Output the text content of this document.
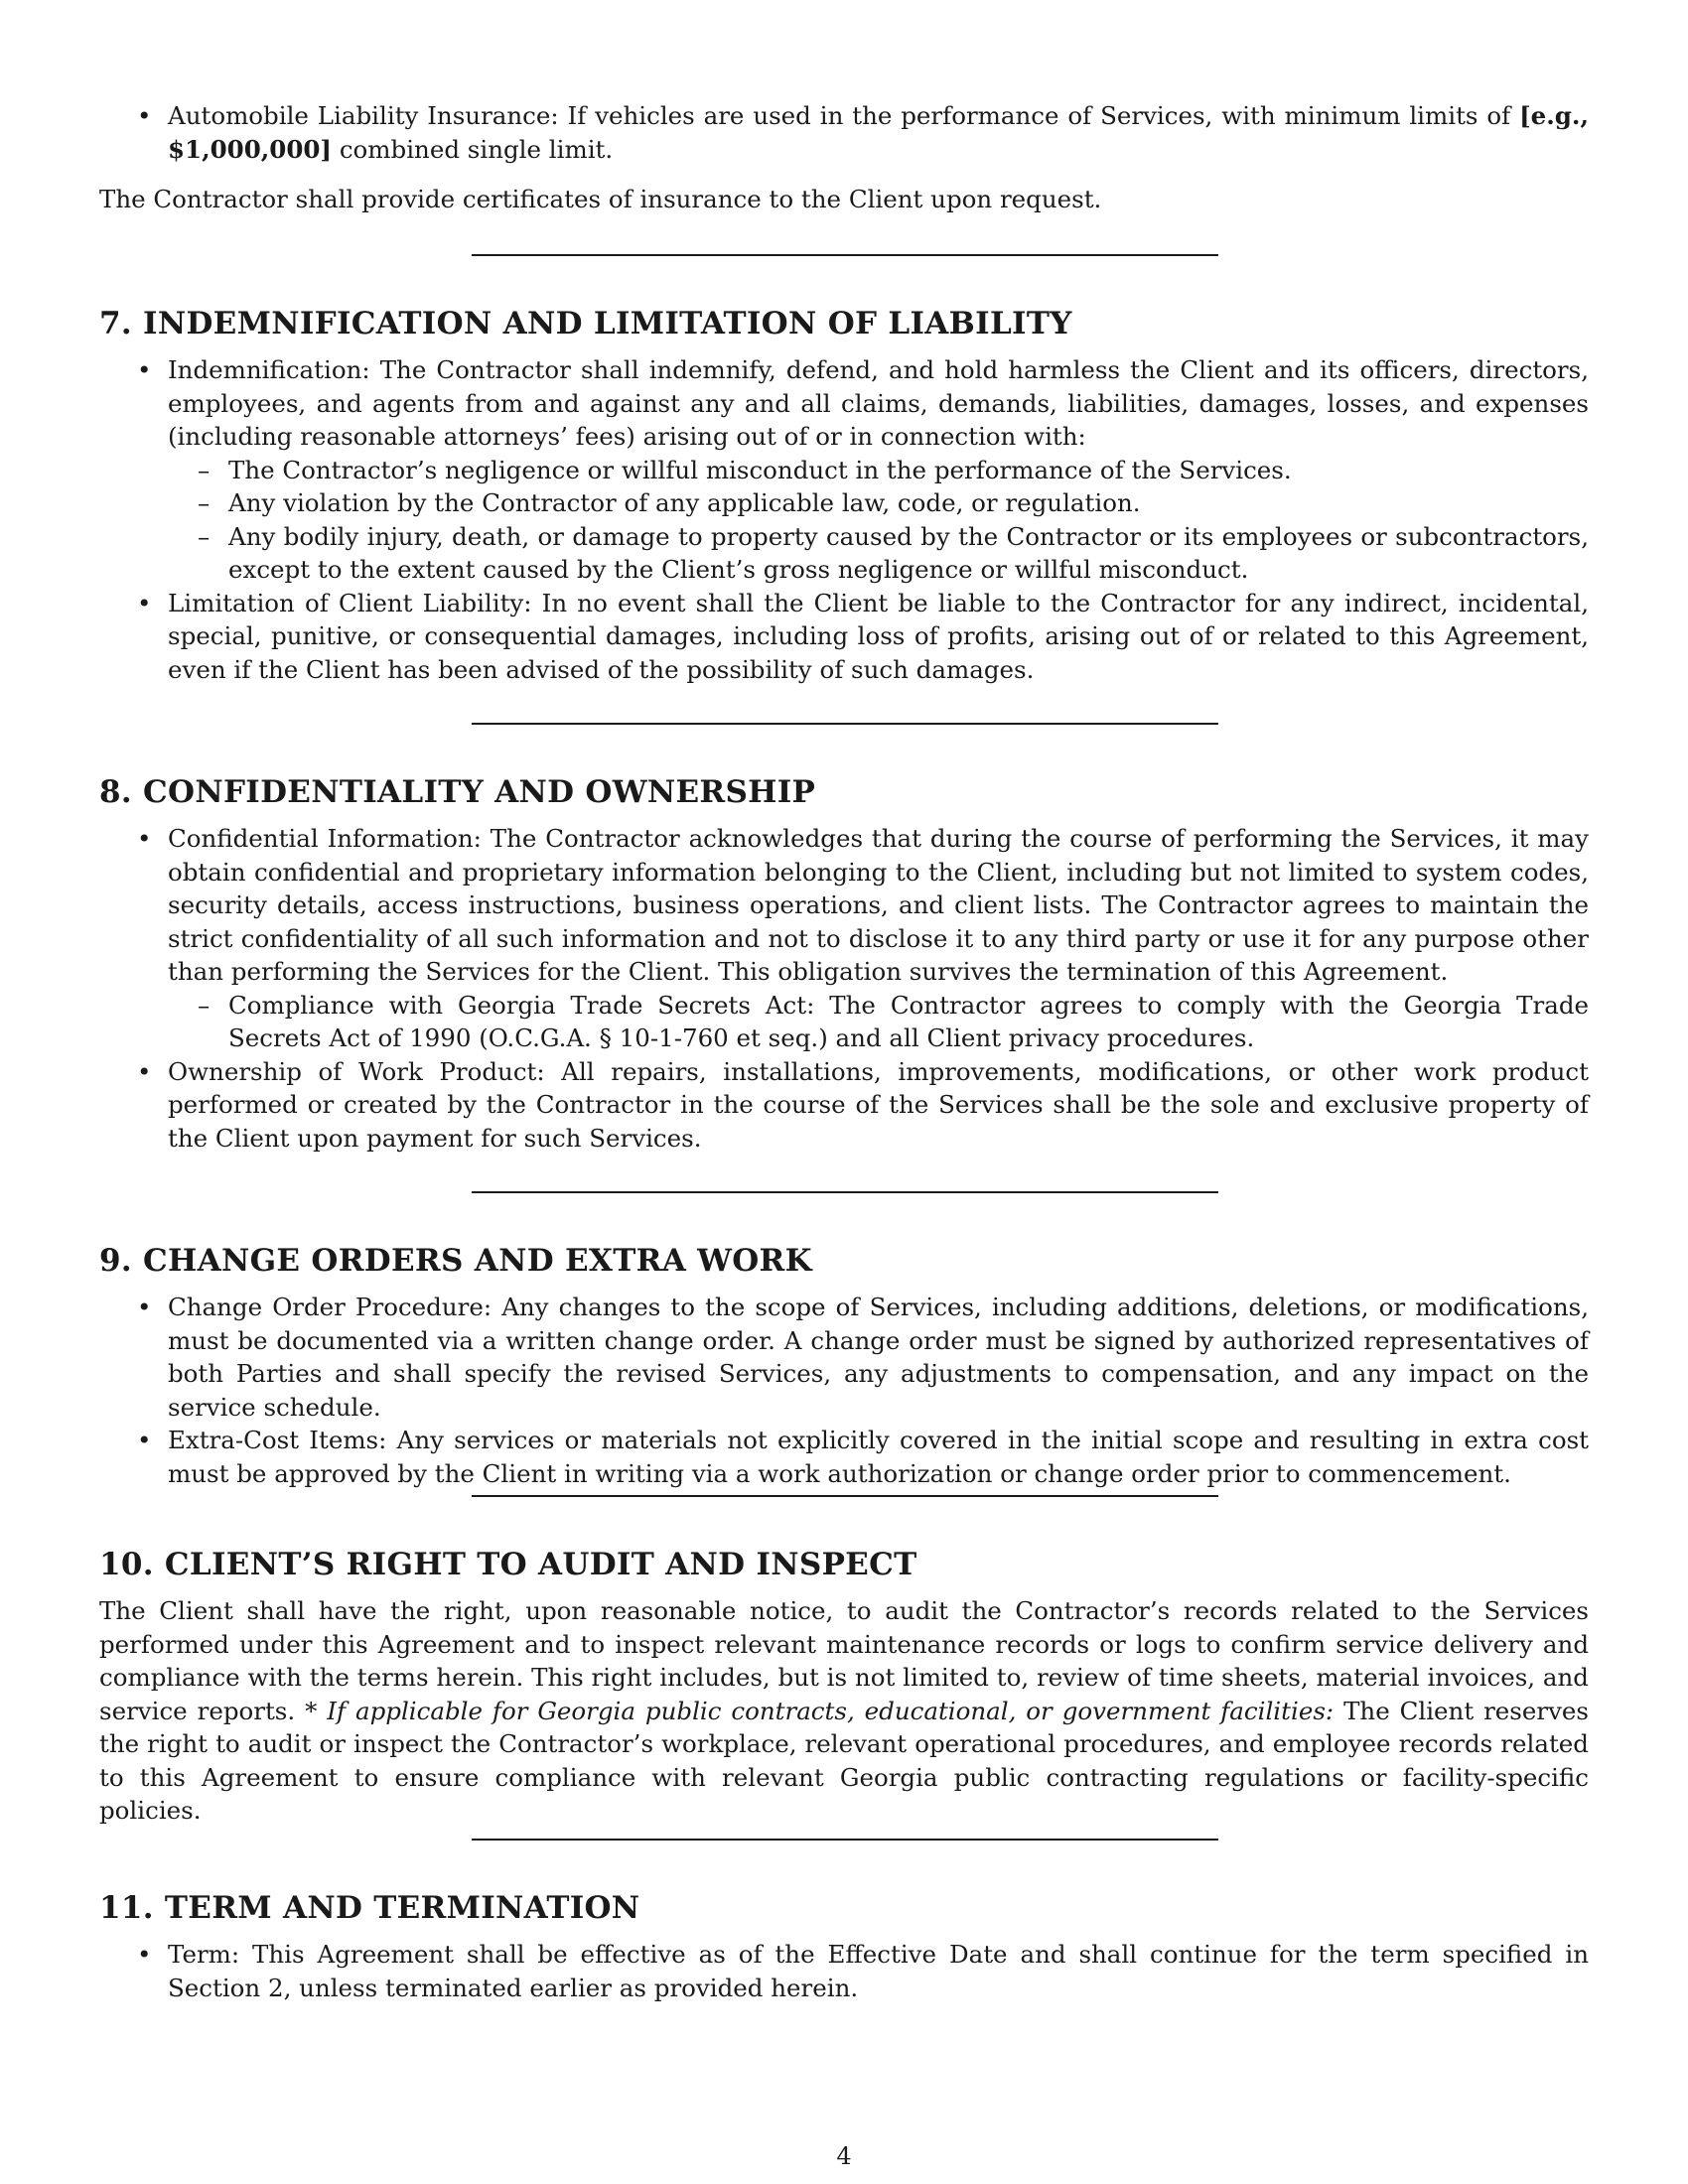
• Automobile Liability Insurance: If vehicles are used in the performance of Services, with minimum limits of [e.g., $1,000,000] combined single limit.

The Contractor shall provide certificates of insurance to the Client upon request.

7. INDEMNIFICATION AND LIMITATION OF LIABILITY
• Indemnification: The Contractor shall indemnify, defend, and hold harmless the Client and its officers, directors, employees, and agents from and against any and all claims, demands, liabilities, damages, losses, and expenses (including reasonable attorneys’ fees) arising out of or in connection with:
– The Contractor’s negligence or willful misconduct in the performance of the Services.
– Any violation by the Contractor of any applicable law, code, or regulation.
– Any bodily injury, death, or damage to property caused by the Contractor or its employees or subcontractors, except to the extent caused by the Client’s gross negligence or willful misconduct.
• Limitation of Client Liability: In no event shall the Client be liable to the Contractor for any indirect, incidental, special, punitive, or consequential damages, including loss of profits, arising out of or related to this Agreement, even if the Client has been advised of the possibility of such damages.
8. CONFIDENTIALITY AND OWNERSHIP
• Confidential Information: The Contractor acknowledges that during the course of performing the Services, it may obtain confidential and proprietary information belonging to the Client, including but not limited to system codes, security details, access instructions, business operations, and client lists. The Contractor agrees to maintain the strict confidentiality of all such information and not to disclose it to any third party or use it for any purpose other than performing the Services for the Client. This obligation survives the termination of this Agreement.
– Compliance with Georgia Trade Secrets Act: The Contractor agrees to comply with the Georgia Trade Secrets Act of 1990 (O.C.G.A. § 10-1-760 et seq.) and all Client privacy procedures.
• Ownership of Work Product: All repairs, installations, improvements, modifications, or other work product performed or created by the Contractor in the course of the Services shall be the sole and exclusive property of the Client upon payment for such Services.
9. CHANGE ORDERS AND EXTRA WORK
• Change Order Procedure: Any changes to the scope of Services, including additions, deletions, or modifications, must be documented via a written change order. A change order must be signed by authorized representatives of both Parties and shall specify the revised Services, any adjustments to compensation, and any impact on the service schedule.
• Extra-Cost Items: Any services or materials not explicitly covered in the initial scope and resulting in extra cost must be approved by the Client in writing via a work authorization or change order prior to commencement.
10. CLIENT’S RIGHT TO AUDIT AND INSPECT

The Client shall have the right, upon reasonable notice, to audit the Contractor’s records related to the Services performed under this Agreement and to inspect relevant maintenance records or logs to confirm service delivery and compliance with the terms herein. This right includes, but is not limited to, review of time sheets, material invoices, and service reports. * If applicable for Georgia public contracts, educational, or government facilities: The Client reserves the right to audit or inspect the Contractor’s workplace, relevant operational procedures, and employee records related to this Agreement to ensure compliance with relevant Georgia public contracting regulations or facility-specific policies.

11. TERM AND TERMINATION
• Term: This Agreement shall be effective as of the Effective Date and shall continue for the term specified in Section 2, unless terminated earlier as provided herein.
4
